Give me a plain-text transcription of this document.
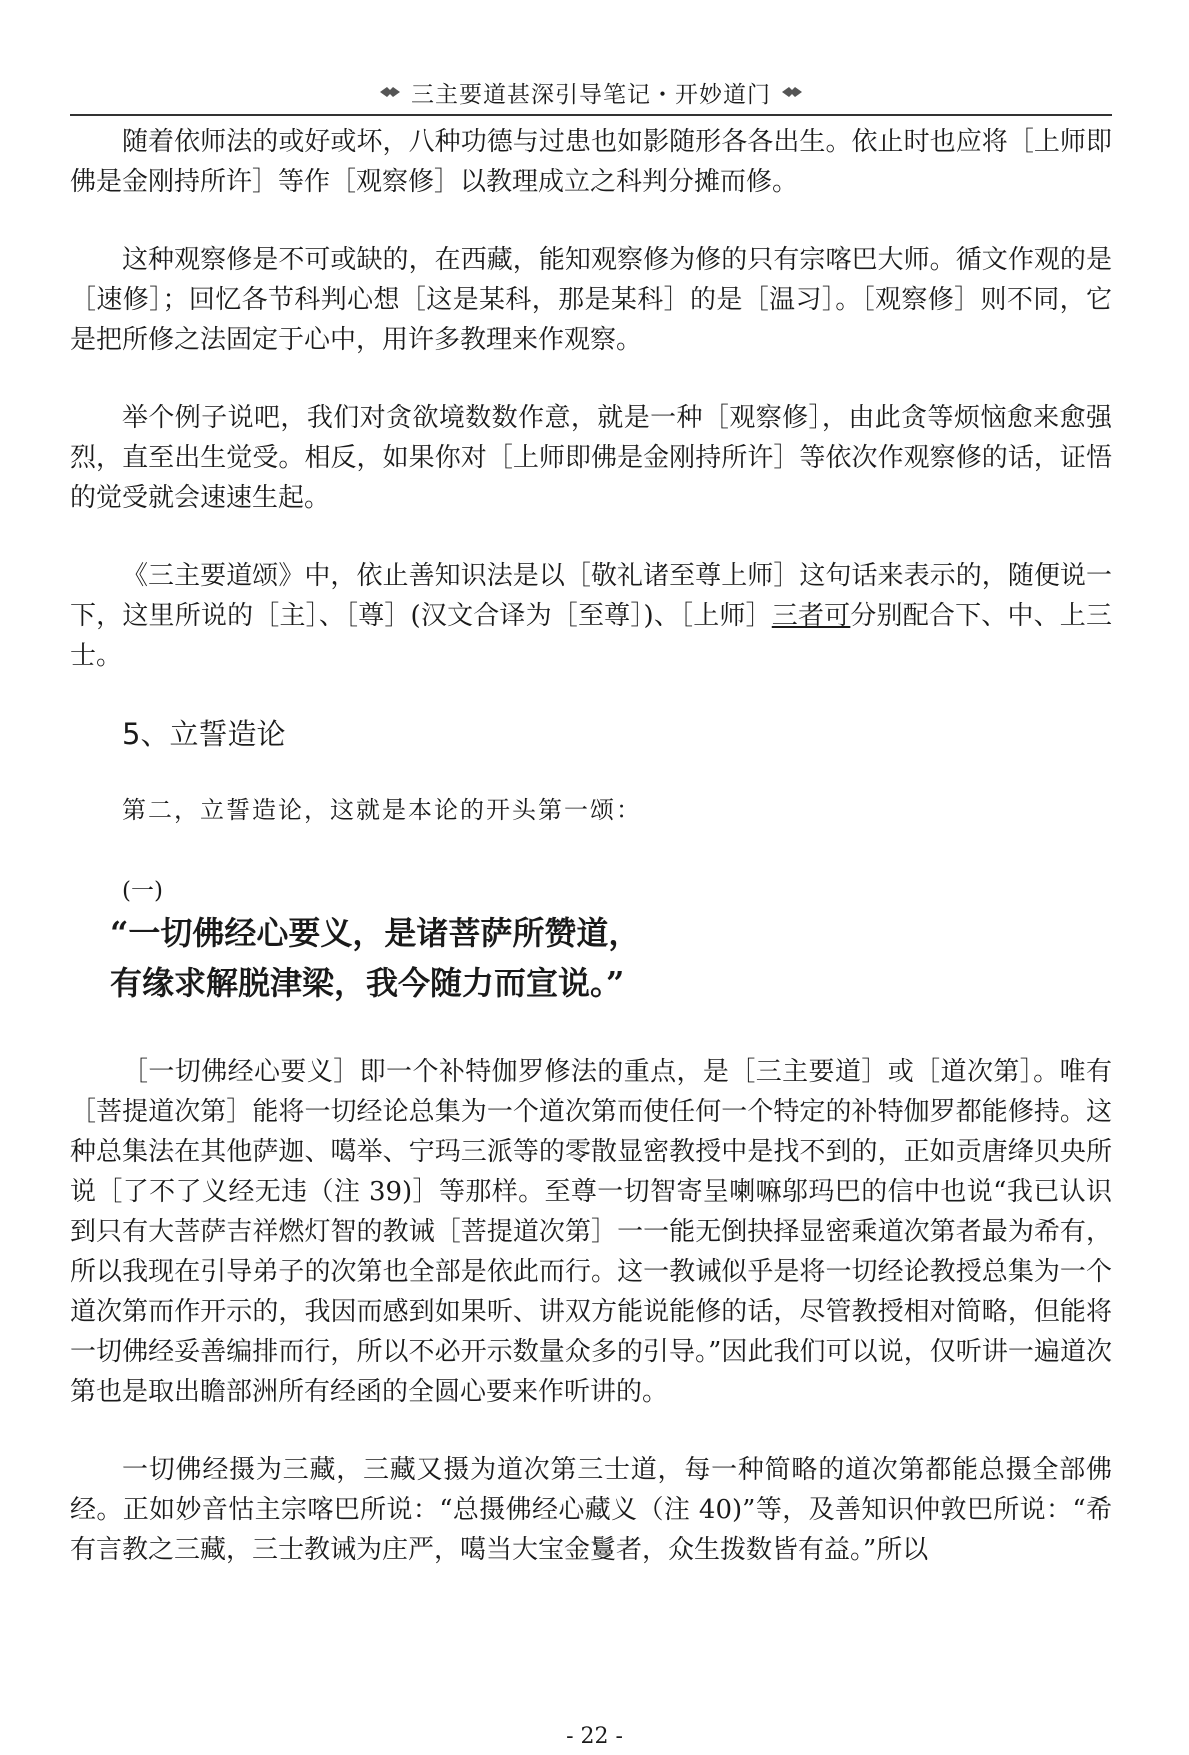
三主要道甚深引导笔记・开妙道门

随着依师法的或好或坏，八种功德与过患也如影随形各各出生。依止时也应将［上师即佛是金刚持所许］等作［观察修］以教理成立之科判分摊而修。

这种观察修是不可或缺的，在西藏，能知观察修为修的只有宗喀巴大师。循文作观的是［速修］；回忆各节科判心想［这是某科，那是某科］的是［温习］。［观察修］则不同，它是把所修之法固定于心中，用许多教理来作观察。

举个例子说吧，我们对贪欲境数数作意，就是一种［观察修］，由此贪等烦恼愈来愈强烈，直至出生觉受。相反，如果你对［上师即佛是金刚持所许］等依次作观察修的话，证悟的觉受就会速速生起。

《三主要道颂》中，依止善知识法是以［敬礼诸至尊上师］这句话来表示的，随便说一下，这里所说的［主］、［尊］(汉文合译为［至尊］)、［上师］三者可分别配合下、中、上三士。

5、立誓造论
第二，立誓造论，这就是本论的开头第一颂：
(一)
“一切佛经心要义，是诸菩萨所赞道，
有缘求解脱津梁，我今随力而宣说。”

［一切佛经心要义］即一个补特伽罗修法的重点，是［三主要道］或［道次第］。唯有［菩提道次第］能将一切经论总集为一个道次第而使任何一个特定的补特伽罗都能修持。这种总集法在其他萨迦、噶举、宁玛三派等的零散显密教授中是找不到的，正如贡唐绛贝央所说［了不了义经无违（注 39)］等那样。至尊一切智寄呈喇嘛邬玛巴的信中也说“我已认识到只有大菩萨吉祥燃灯智的教诫［菩提道次第］一一能无倒抉择显密乘道次第者最为希有，所以我现在引导弟子的次第也全部是依此而行。这一教诫似乎是将一切经论教授总集为一个道次第而作开示的，我因而感到如果听、讲双方能说能修的话，尽管教授相对简略，但能将一切佛经妥善编排而行，所以不必开示数量众多的引导。”因此我们可以说，仅听讲一遍道次第也是取出瞻部洲所有经函的全圆心要来作听讲的。

一切佛经摄为三藏，三藏又摄为道次第三士道，每一种简略的道次第都能总摄全部佛经。正如妙音怙主宗喀巴所说：“总摄佛经心藏义（注 40)”等，及善知识仲敦巴所说：“希有言教之三藏，三士教诫为庄严，噶当大宝金鬘者，众生拨数皆有益。”所以

- 22 -
